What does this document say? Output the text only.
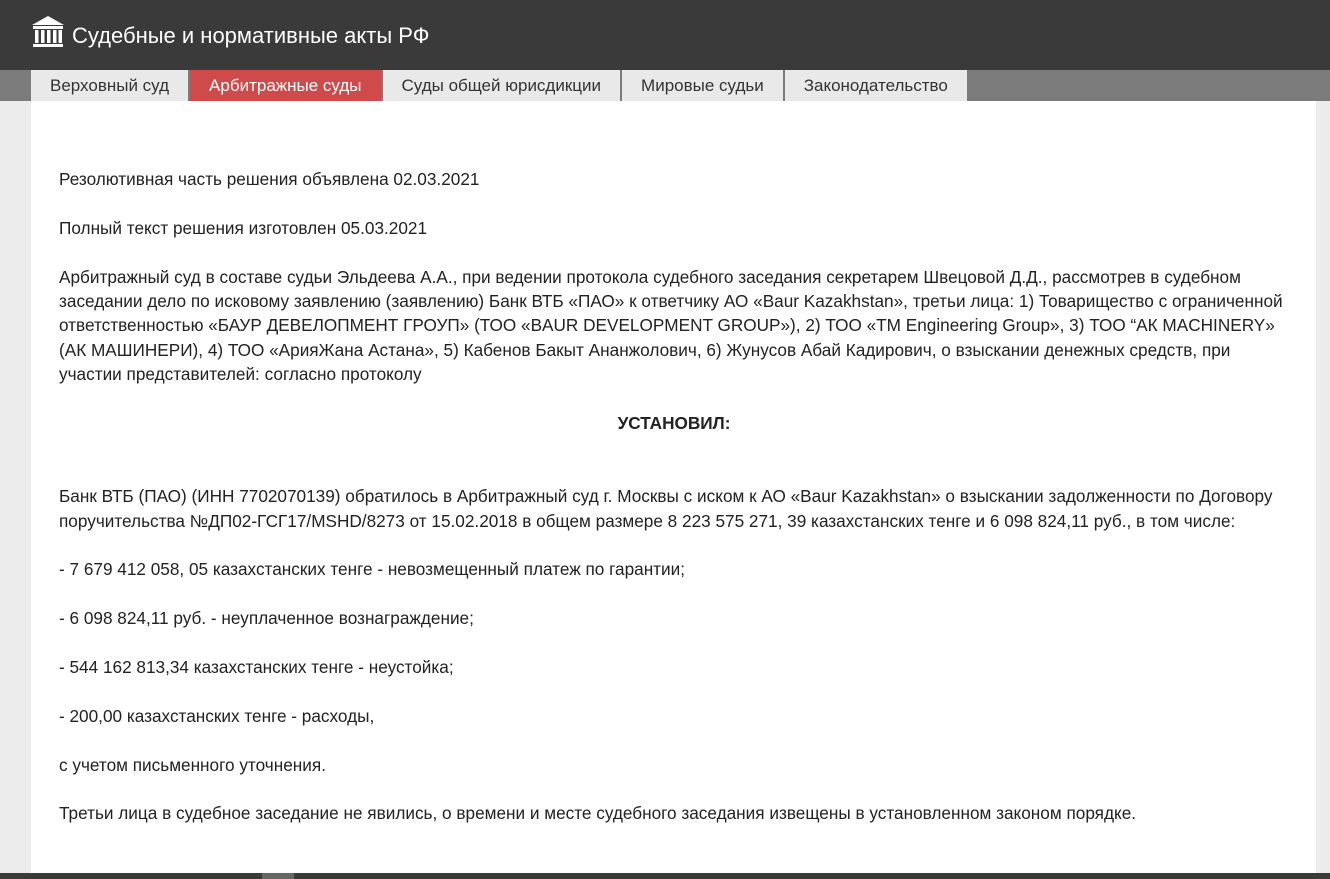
Судебные и нормативные акты РФ
Верховный суд	Арбитражные суды	Суды общей юрисдикции	Мировые судьи	Законодательство

Резолютивная часть решения объявлена 02.03.2021

Полный текст решения изготовлен 05.03.2021

Арбитражный суд в составе судьи Эльдеева А.А., при ведении протокола судебного заседания секретарем Швецовой Д.Д., рассмотрев в судебном заседании дело по исковому заявлению (заявлению) Банк ВТБ «ПАО» к ответчику АО «Baur Kazakhstan», третьи лица: 1) Товарищество с ограниченной ответственностью «БАУР ДЕВЕЛОПМЕНТ ГРОУП» (ТОО «BAUR DEVELOPMENT GROUP»), 2) ТОО «ТМ Engineering Group», 3) ТОО “АК MACHINERY» (АК МАШИНЕРИ), 4) ТОО «АрияЖана Астана», 5) Кабенов Бакыт Ананжолович, 6) Жунусов Абай Кадирович, о взыскании денежных средств, при участии представителей: согласно протоколу

УСТАНОВИЛ:

Банк ВТБ (ПАО) (ИНН 7702070139) обратилось в Арбитражный суд г. Москвы с иском к АО «Baur Kazakhstan» о взыскании задолженности по Договору поручительства №ДП02-ГСГ17/MSHD/8273 от 15.02.2018 в общем размере 8 223 575 271, 39 казахстанских тенге и 6 098 824,11 руб., в том числе:

- 7 679 412 058, 05 казахстанских тенге - невозмещенный платеж по гарантии;

- 6 098 824,11 руб. - неуплаченное вознаграждение;

- 544 162 813,34 казахстанских тенге - неустойка;

- 200,00 казахстанских тенге - расходы,

с учетом письменного уточнения.

Третьи лица в судебное заседание не явились, о времени и месте судебного заседания извещены в установленном законом порядке.
